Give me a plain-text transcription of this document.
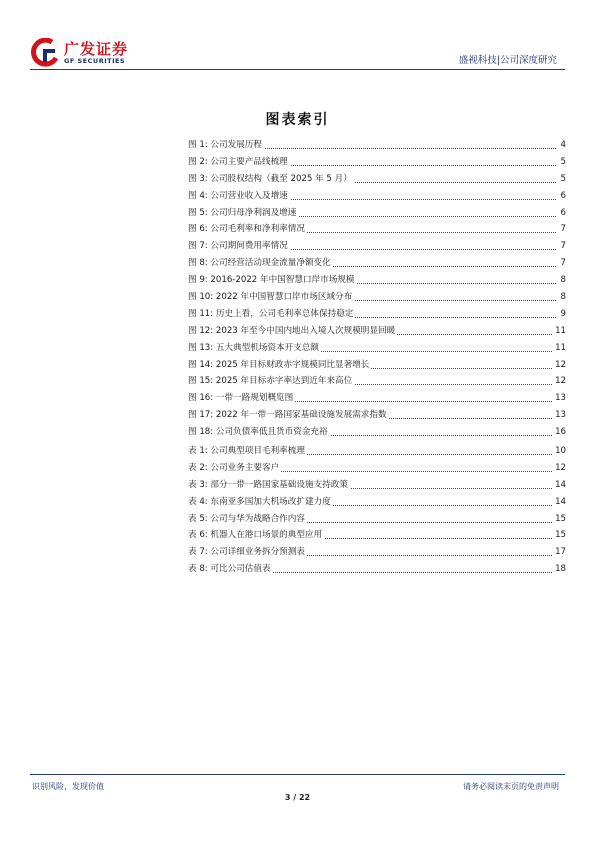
广发证券
GF SECURITIES	盛视科技|公司深度研究
图表索引
图 1: 公司发展历程	4
图 2: 公司主要产品线梳理	5
图 3: 公司股权结构（截至 2025 年 5 月）	5
图 4: 公司营业收入及增速	6
图 5: 公司归母净利润及增速	6
图 6: 公司毛利率和净利率情况	7
图 7: 公司期间费用率情况	7
图 8: 公司经营活动现金流量净额变化	7
图 9: 2016-2022 年中国智慧口岸市场规模	8
图 10: 2022 年中国智慧口岸市场区域分布	8
图 11: 历史上看，公司毛利率总体保持稳定	9
图 12: 2023 年至今中国内地出入境人次规模明显回暖	11
图 13: 五大典型机场资本开支总额	11
图 14: 2025 年目标财政赤字规模同比显著增长	12
图 15: 2025 年目标赤字率达到近年来高位	12
图 16: 一带一路规划概览图	13
图 17: 2022 年一带一路国家基础设施发展需求指数	13
图 18: 公司负债率低且货币资金充裕	16
表 1: 公司典型项目毛利率梳理	10
表 2: 公司业务主要客户	12
表 3: 部分一带一路国家基础设施支持政策	14
表 4: 东南亚多国加大机场改扩建力度	14
表 5: 公司与华为战略合作内容	15
表 6: 机器人在港口场景的典型应用	15
表 7: 公司详细业务拆分预测表	17
表 8: 可比公司估值表	18
识别风险，发现价值	请务必阅读末页的免责声明
3 / 22
